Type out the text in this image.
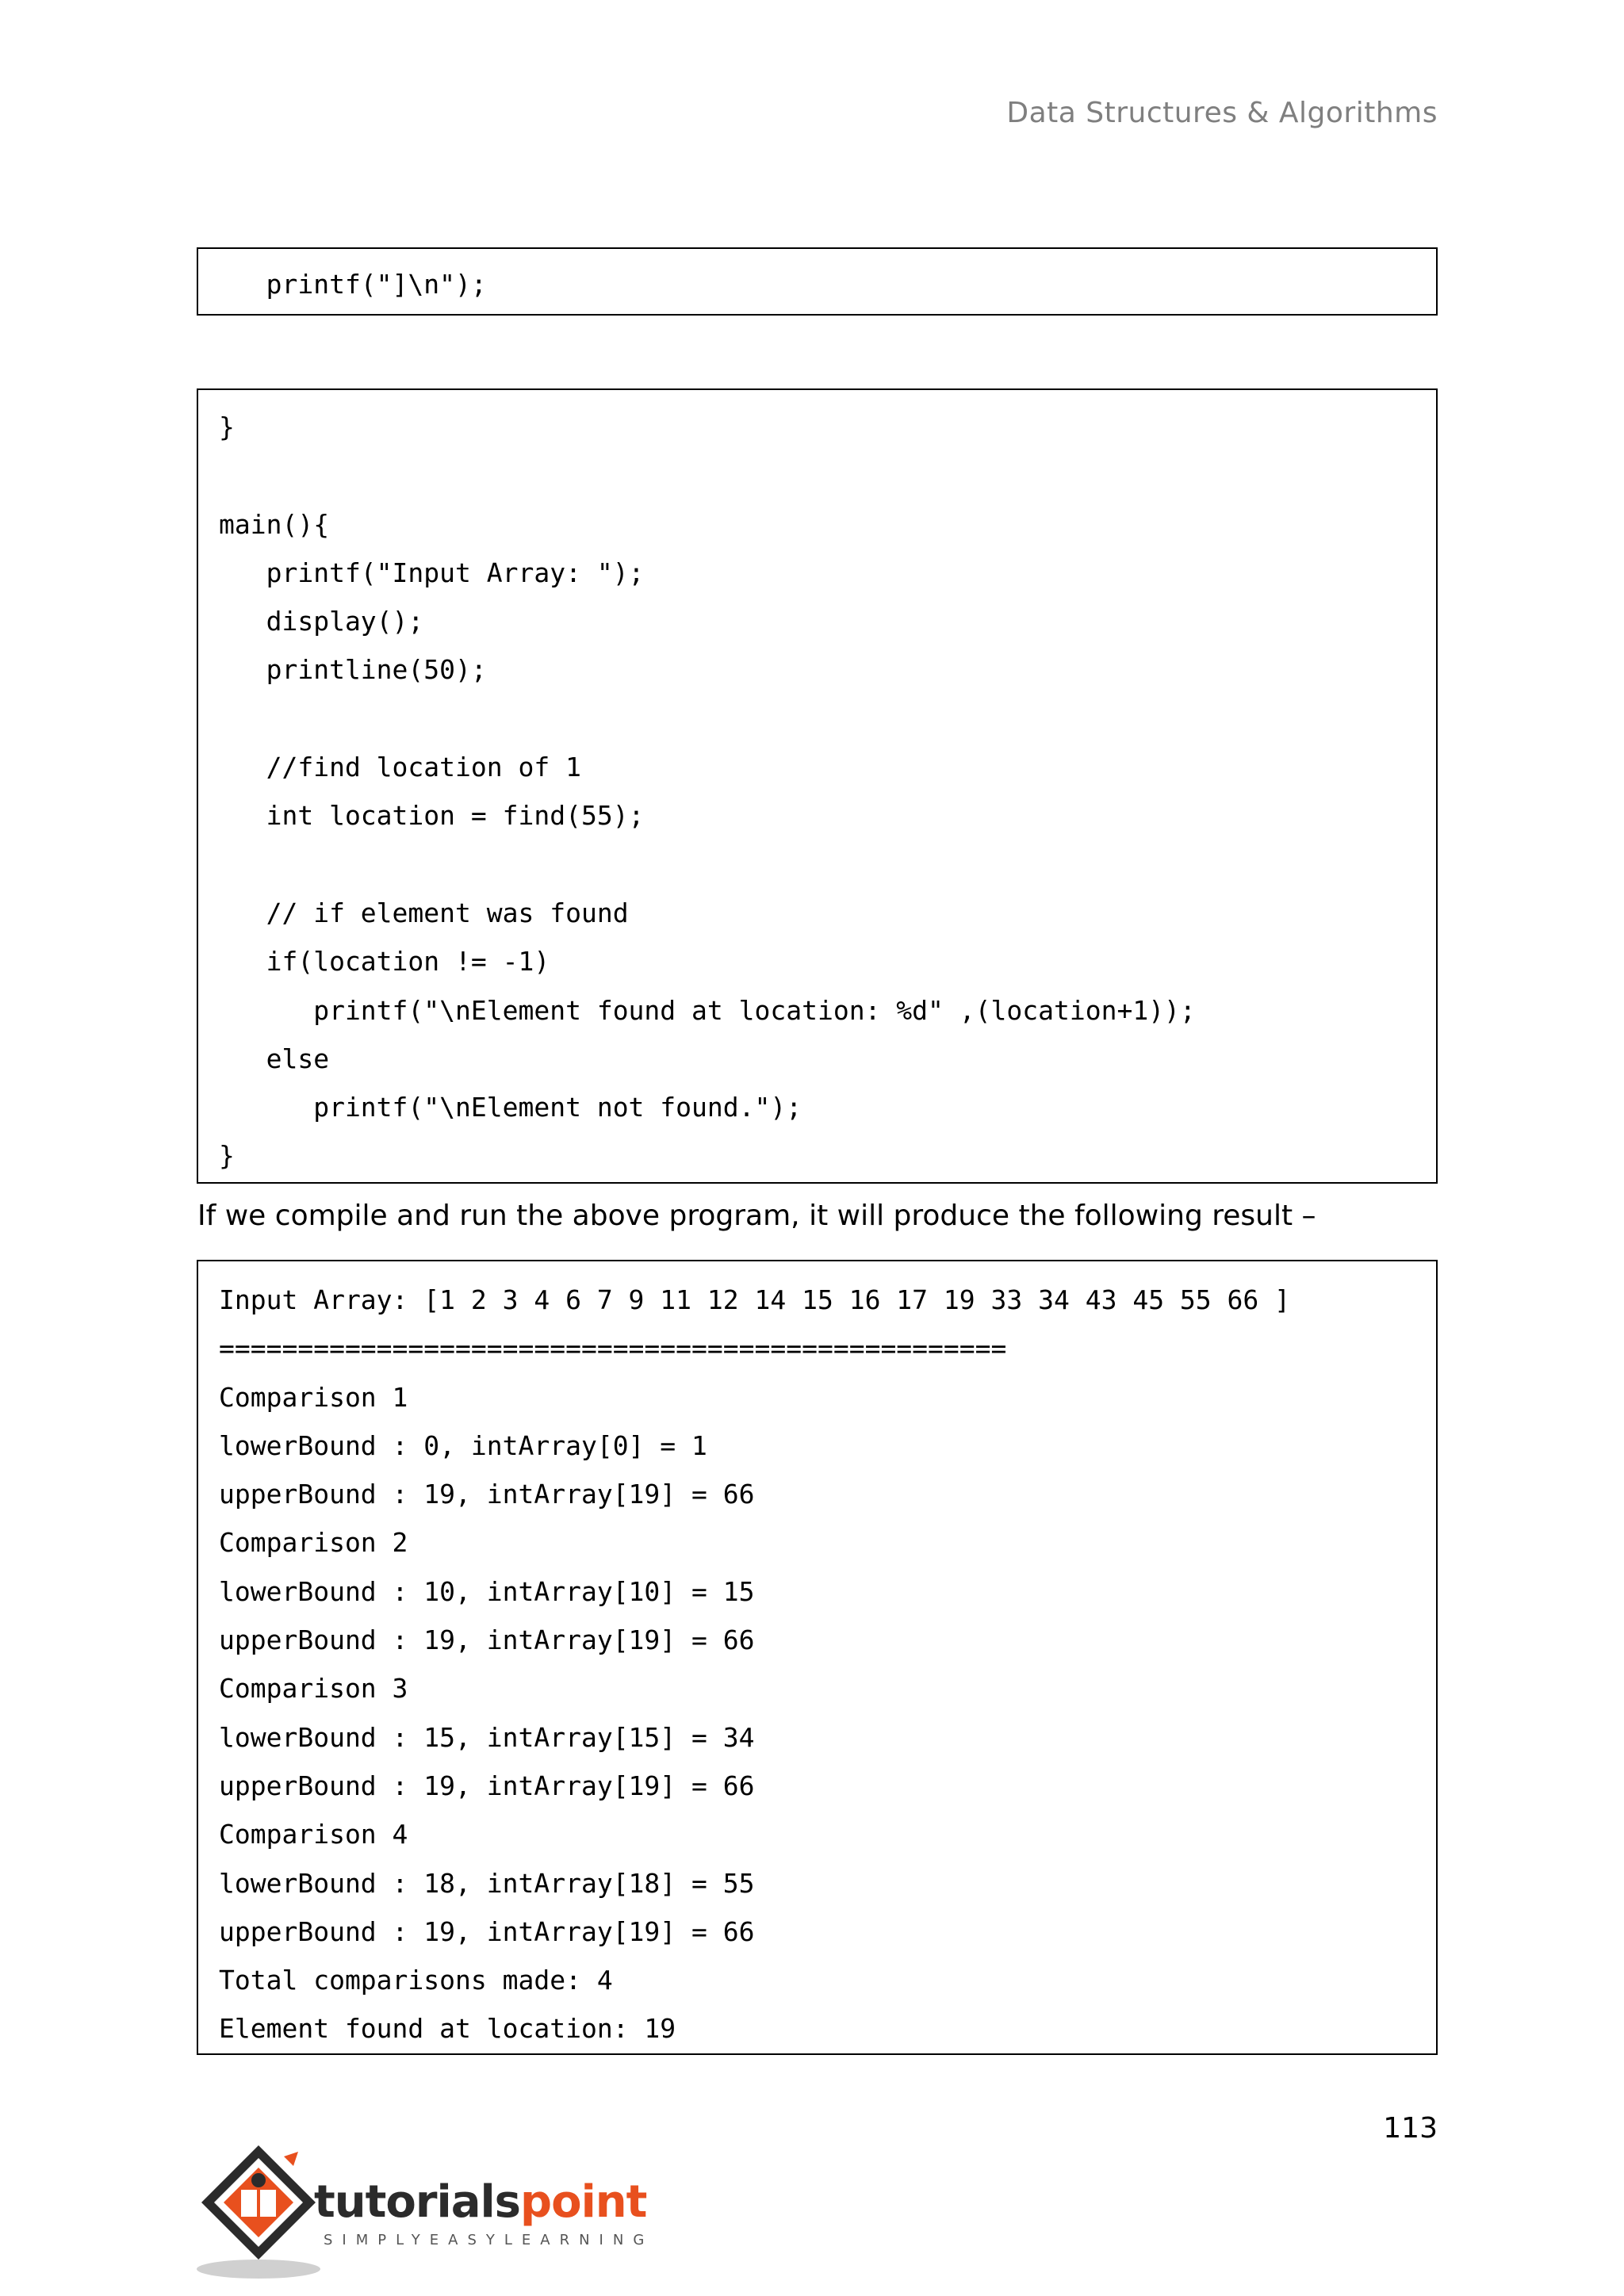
Data Structures & Algorithms
printf("]\n");
}
main(){
printf("Input Array: ");
display();
printline(50);
//find location of 1
int location = find(55);
// if element was found
if(location != -1)
printf("\nElement found at location: %d" ,(location+1));
else
printf("\nElement not found.");
}
If we compile and run the above program, it will produce the following result –
Input Array: [1 2 3 4 6 7 9 11 12 14 15 16 17 19 33 34 43 45 55 66 ]
==================================================
Comparison 1
lowerBound : 0, intArray[0] = 1
upperBound : 19, intArray[19] = 66
Comparison 2
lowerBound : 10, intArray[10] = 15
upperBound : 19, intArray[19] = 66
Comparison 3
lowerBound : 15, intArray[15] = 34
upperBound : 19, intArray[19] = 66
Comparison 4
lowerBound : 18, intArray[18] = 55
upperBound : 19, intArray[19] = 66
Total comparisons made: 4
Element found at location: 19
113
tutorialspoint
SIMPLYEASYLEARNING
